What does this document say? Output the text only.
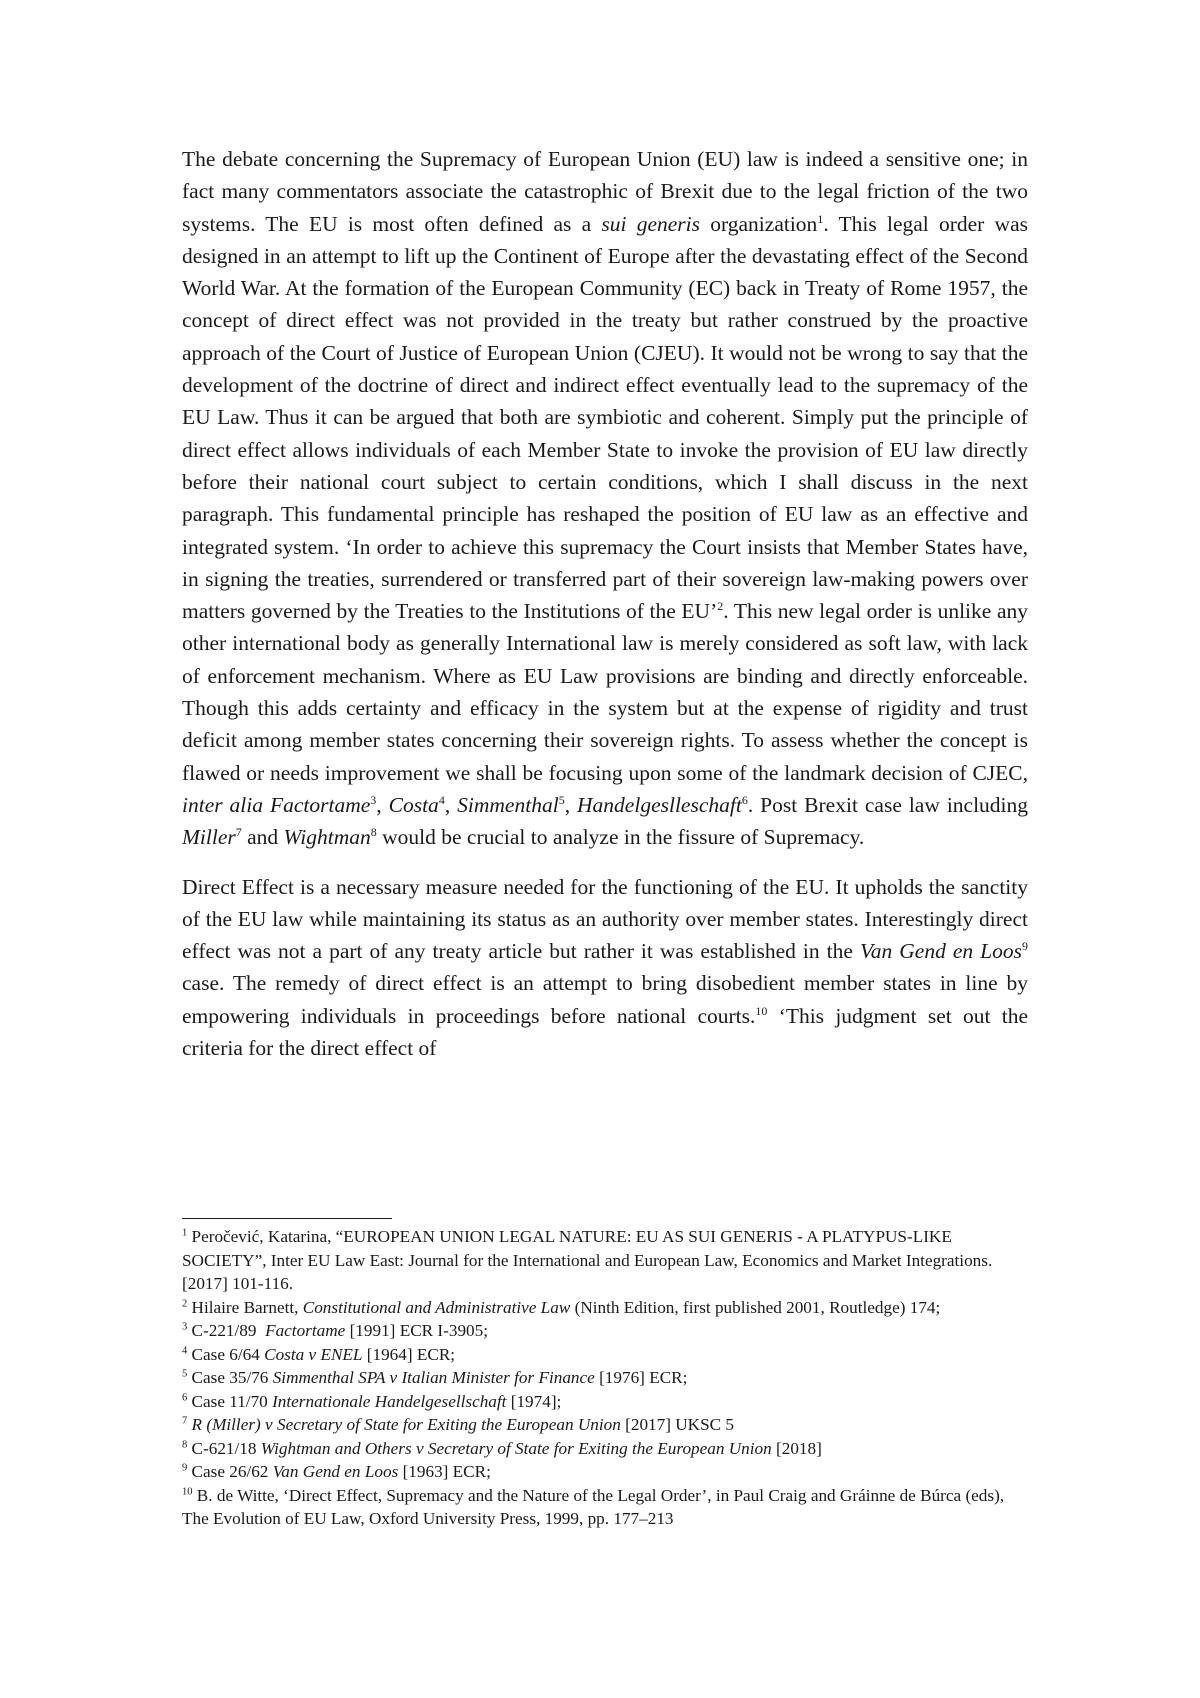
The debate concerning the Supremacy of European Union (EU) law is indeed a sensitive one; in fact many commentators associate the catastrophic of Brexit due to the legal friction of the two systems. The EU is most often defined as a sui generis organization$^1$. This legal order was designed in an attempt to lift up the Continent of Europe after the devastating effect of the Second World War. At the formation of the European Community (EC) back in Treaty of Rome 1957, the concept of direct effect was not provided in the treaty but rather construed by the proactive approach of the Court of Justice of European Union (CJEU). It would not be wrong to say that the development of the doctrine of direct and indirect effect eventually lead to the supremacy of the EU Law. Thus it can be argued that both are symbiotic and coherent. Simply put the principle of direct effect allows individuals of each Member State to invoke the provision of EU law directly before their national court subject to certain conditions, which I shall discuss in the next paragraph. This fundamental principle has reshaped the position of EU law as an effective and integrated system. ‘In order to achieve this supremacy the Court insists that Member States have, in signing the treaties, surrendered or transferred part of their sovereign law-making powers over matters governed by the Treaties to the Institutions of the EU’$^2$. This new legal order is unlike any other international body as generally International law is merely considered as soft law, with lack of enforcement mechanism. Where as EU Law provisions are binding and directly enforceable. Though this adds certainty and efficacy in the system but at the expense of rigidity and trust deficit among member states concerning their sovereign rights. To assess whether the concept is flawed or needs improvement we shall be focusing upon some of the landmark decision of CJEC, inter alia Factortame$^3$, Costa$^4$, Simmenthal$^5$, Handelgeslleschaft$^6$. Post Brexit case law including Miller$^7$ and Wightman$^8$ would be crucial to analyze in the fissure of Supremacy.

Direct Effect is a necessary measure needed for the functioning of the EU. It upholds the sanctity of the EU law while maintaining its status as an authority over member states. Interestingly direct effect was not a part of any treaty article but rather it was established in the Van Gend en Loos$^9$ case. The remedy of direct effect is an attempt to bring disobedient member states in line by empowering individuals in proceedings before national courts.$^{10}$ ‘This judgment set out the criteria for the direct effect of

$^1$ Peročević, Katarina, “EUROPEAN UNION LEGAL NATURE: EU AS SUI GENERIS - A PLATYPUS-LIKE SOCIETY”, Inter EU Law East: Journal for the International and European Law, Economics and Market Integrations. [2017] 101-116.

$^2$ Hilaire Barnett, Constitutional and Administrative Law (Ninth Edition, first published 2001, Routledge) 174;

$^3$ C-221/89  Factortame [1991] ECR I-3905;

$^4$ Case 6/64 Costa v ENEL [1964] ECR;

$^5$ Case 35/76 Simmenthal SPA v Italian Minister for Finance [1976] ECR;

$^6$ Case 11/70 Internationale Handelgesellschaft [1974];

$^7$ R (Miller) v Secretary of State for Exiting the European Union [2017] UKSC 5

$^8$ C-621/18 Wightman and Others v Secretary of State for Exiting the European Union [2018]

$^9$ Case 26/62 Van Gend en Loos [1963] ECR;

$^{10}$ B. de Witte, ‘Direct Effect, Supremacy and the Nature of the Legal Order’, in Paul Craig and Gráinne de Búrca (eds), The Evolution of EU Law, Oxford University Press, 1999, pp. 177–213
